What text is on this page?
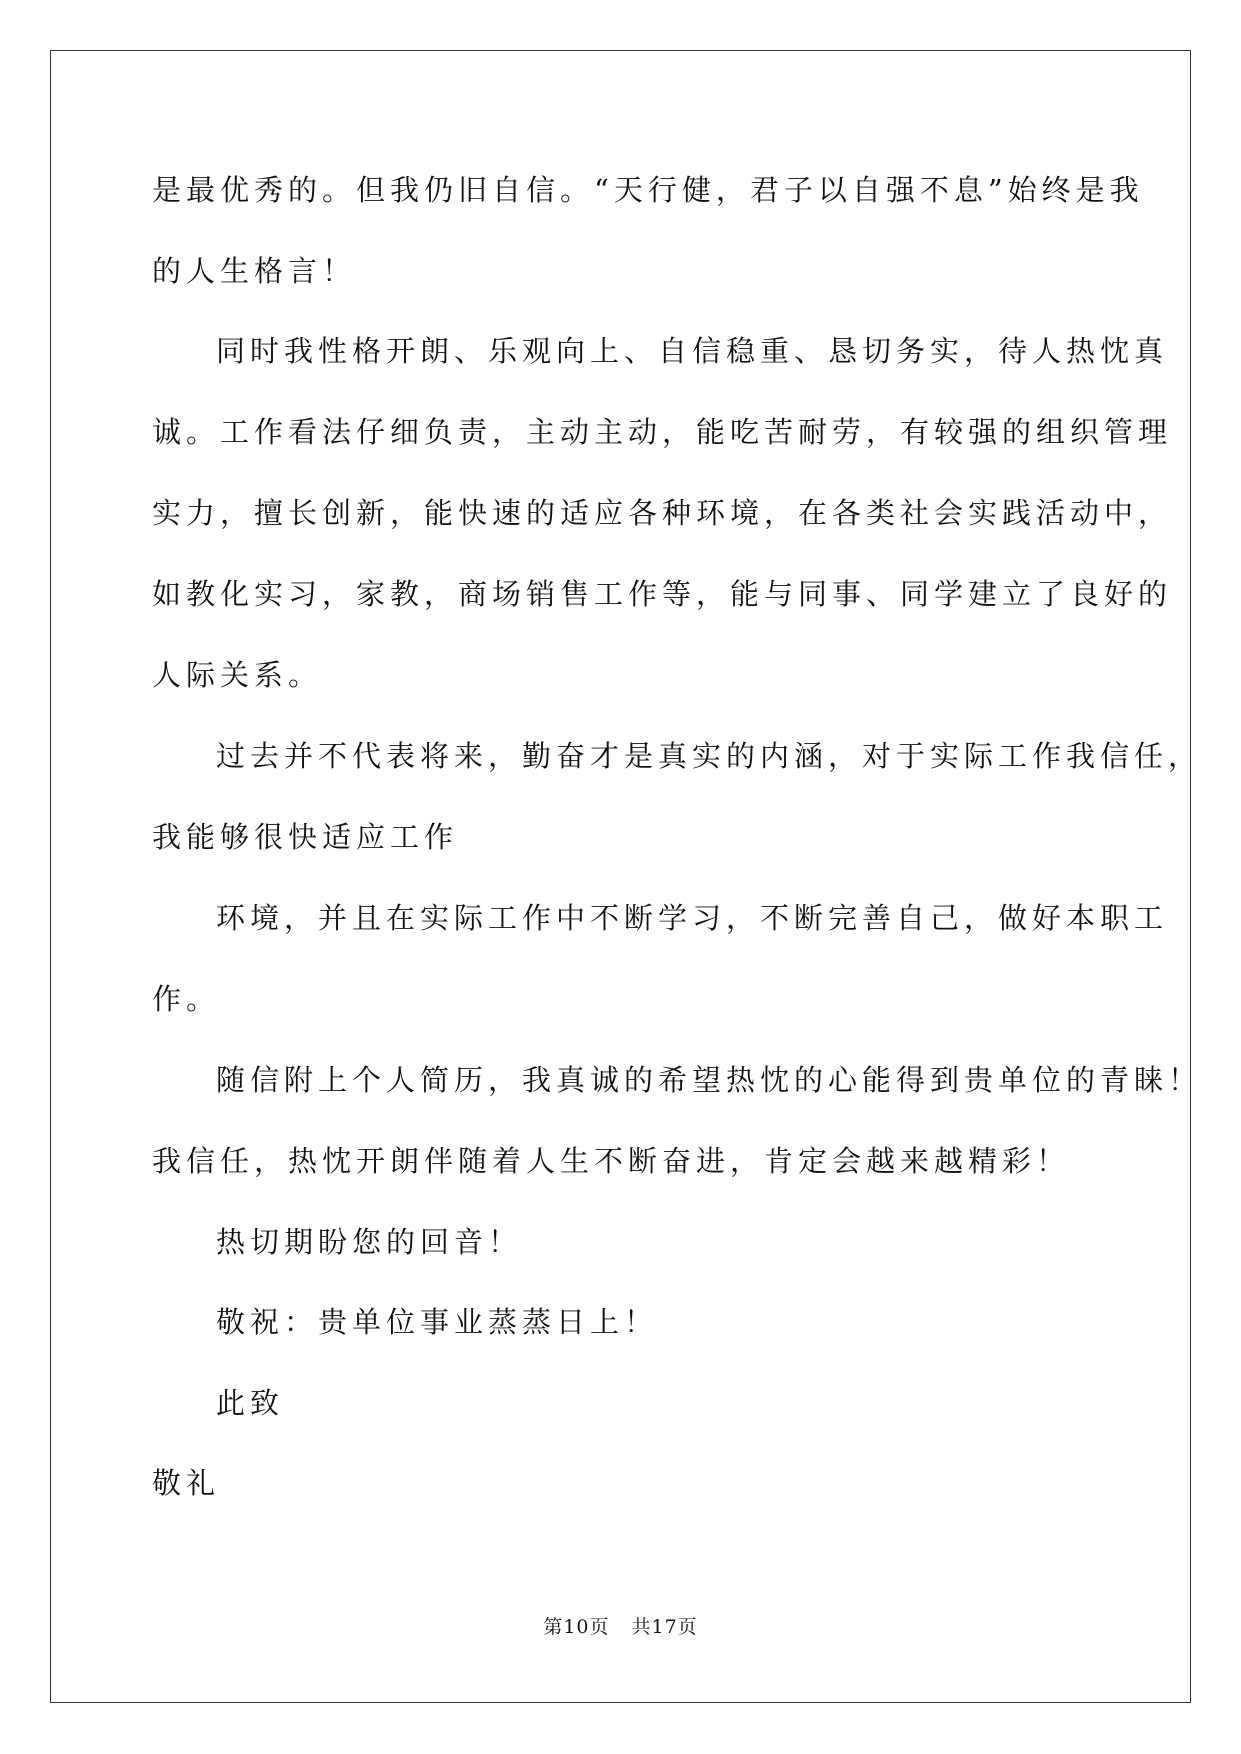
是最优秀的。但我仍旧自信。“天行健，君子以自强不息”始终是我
的人生格言！
同时我性格开朗、乐观向上、自信稳重、恳切务实，待人热忱真
诚。工作看法仔细负责，主动主动，能吃苦耐劳，有较强的组织管理
实力，擅长创新，能快速的适应各种环境，在各类社会实践活动中，
如教化实习，家教，商场销售工作等，能与同事、同学建立了良好的
人际关系。
过去并不代表将来，勤奋才是真实的内涵，对于实际工作我信任，
我能够很快适应工作
环境，并且在实际工作中不断学习，不断完善自己，做好本职工
作。
随信附上个人简历，我真诚的希望热忱的心能得到贵单位的青睐！
我信任，热忱开朗伴随着人生不断奋进，肯定会越来越精彩！
热切期盼您的回音！
敬祝：贵单位事业蒸蒸日上！
此致
敬礼
第10页 共17页
